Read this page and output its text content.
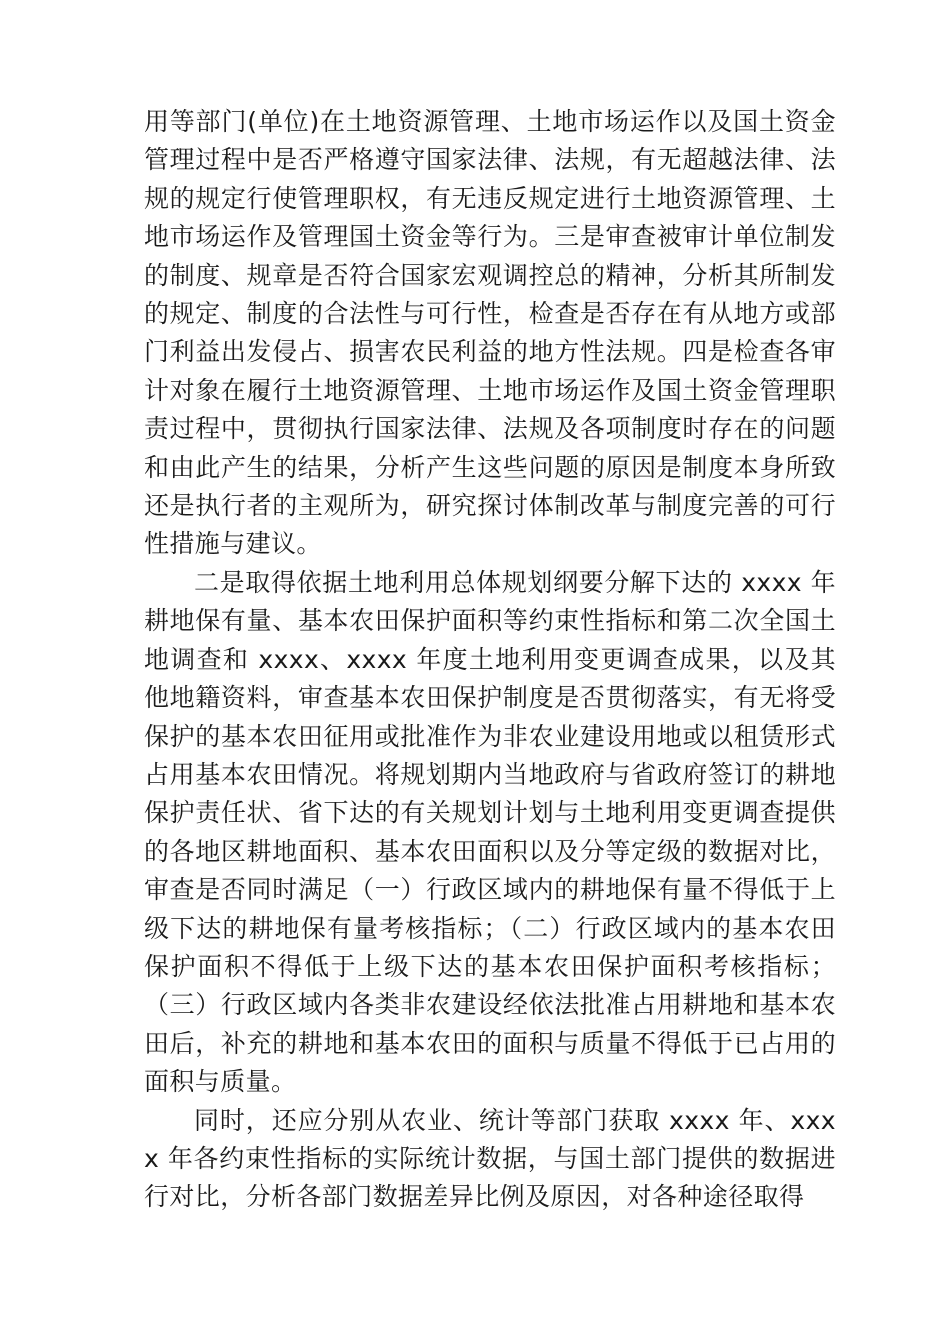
用等部门(单位)在土地资源管理、土地市场运作以及国土资金管理过程中是否严格遵守国家法律、法规，有无超越法律、法规的规定行使管理职权，有无违反规定进行土地资源管理、土地市场运作及管理国土资金等行为。三是审查被审计单位制发的制度、规章是否符合国家宏观调控总的精神，分析其所制发的规定、制度的合法性与可行性，检查是否存在有从地方或部门利益出发侵占、损害农民利益的地方性法规。四是检查各审计对象在履行土地资源管理、土地市场运作及国土资金管理职责过程中，贯彻执行国家法律、法规及各项制度时存在的问题和由此产生的结果，分析产生这些问题的原因是制度本身所致还是执行者的主观所为，研究探讨体制改革与制度完善的可行性措施与建议。

二是取得依据土地利用总体规划纲要分解下达的 xxxx 年耕地保有量、基本农田保护面积等约束性指标和第二次全国土地调查和 xxxx、xxxx 年度土地利用变更调查成果，以及其他地籍资料，审查基本农田保护制度是否贯彻落实，有无将受保护的基本农田征用或批准作为非农业建设用地或以租赁形式占用基本农田情况。将规划期内当地政府与省政府签订的耕地保护责任状、省下达的有关规划计划与土地利用变更调查提供的各地区耕地面积、基本农田面积以及分等定级的数据对比，审查是否同时满足（一）行政区域内的耕地保有量不得低于上级下达的耕地保有量考核指标；（二）行政区域内的基本农田保护面积不得低于上级下达的基本农田保护面积考核指标；（三）行政区域内各类非农建设经依法批准占用耕地和基本农田后，补充的耕地和基本农田的面积与质量不得低于已占用的面积与质量。

同时，还应分别从农业、统计等部门获取 xxxx 年、xxxx 年各约束性指标的实际统计数据，与国土部门提供的数据进行对比，分析各部门数据差异比例及原因，对各种途径取得
